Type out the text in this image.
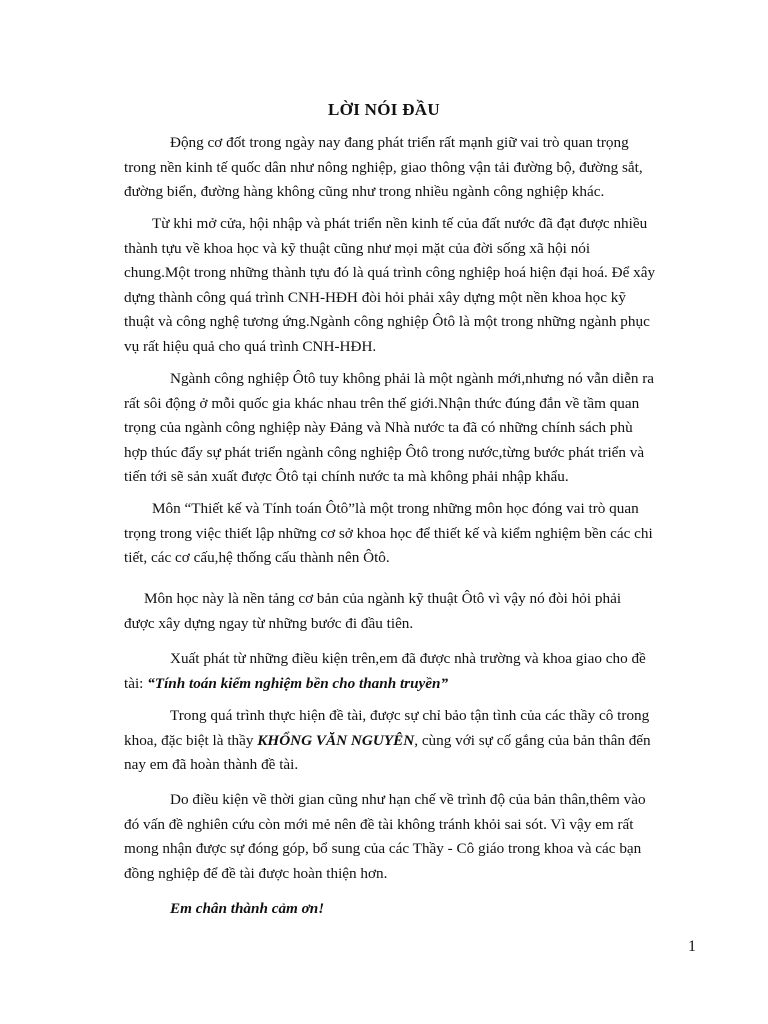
LỜI NÓI ĐẦU

Động cơ đốt trong ngày nay đang phát triển rất mạnh giữ vai trò quan trọng
trong nền kinh tế quốc dân như nông nghiệp, giao thông vận tải đường bộ, đường sắt,
đường biển, đường hàng không cũng như trong nhiều ngành công nghiệp khác.

Từ khi mở cửa, hội nhập và phát triển nền kinh tế của đất nước đã đạt được nhiều
thành tựu về khoa học và kỹ thuật cũng như mọi mặt của đời sống xã hội nói
chung.Một trong những thành tựu đó là quá trình công nghiệp hoá hiện đại hoá. Để xây
dựng thành công quá trình CNH-HĐH đòi hỏi phải xây dựng một nền khoa học kỹ
thuật và công nghệ tương ứng.Ngành công nghiệp Ôtô là một trong những ngành phục
vụ rất hiệu quả cho quá trình CNH-HĐH.

Ngành công nghiệp Ôtô tuy không phải là một ngành mới,nhưng nó vẫn diễn ra
rất sôi động ở mỗi quốc gia khác nhau trên thế giới.Nhận thức đúng đắn về tầm quan
trọng của ngành công nghiệp này Đảng và Nhà nước ta đã có những chính sách phù
hợp thúc đẩy sự phát triển ngành công nghiệp Ôtô trong nước,từng bước phát triển và
tiến tới sẽ sản xuất được Ôtô tại chính nước ta mà không phải nhập khẩu.

Môn “Thiết kế và Tính toán Ôtô”là một trong những môn học đóng vai trò quan
trọng trong việc thiết lập những cơ sở khoa học để thiết kế và kiểm nghiệm bền các chi
tiết, các cơ cấu,hệ thống cấu thành nên Ôtô.

Môn học này là nền tảng cơ bản của ngành kỹ thuật Ôtô vì vậy nó đòi hỏi phải
được xây dựng ngay từ những bước đi đầu tiên.

Xuất phát từ những điều kiện trên,em đã được nhà trường và khoa giao cho đề
tài: “Tính toán kiểm nghiệm bền cho thanh truyền”

Trong quá trình thực hiện đề tài, được sự chỉ bảo tận tình của các thầy cô trong
khoa, đặc biệt là thầy KHỔNG VĂN NGUYÊN, cùng với sự cố gắng của bản thân đến
nay em đã hoàn thành đề tài.

Do điều kiện về thời gian cũng như hạn chế về trình độ của bản thân,thêm vào
đó vấn đề nghiên cứu còn mới mẻ nên đề tài không tránh khỏi sai sót. Vì vậy em rất
mong nhận được sự đóng góp, bổ sung của các Thầy - Cô giáo trong khoa và các bạn
đồng nghiệp để đề tài được hoàn thiện hơn.

Em chân thành cảm ơn!

1
